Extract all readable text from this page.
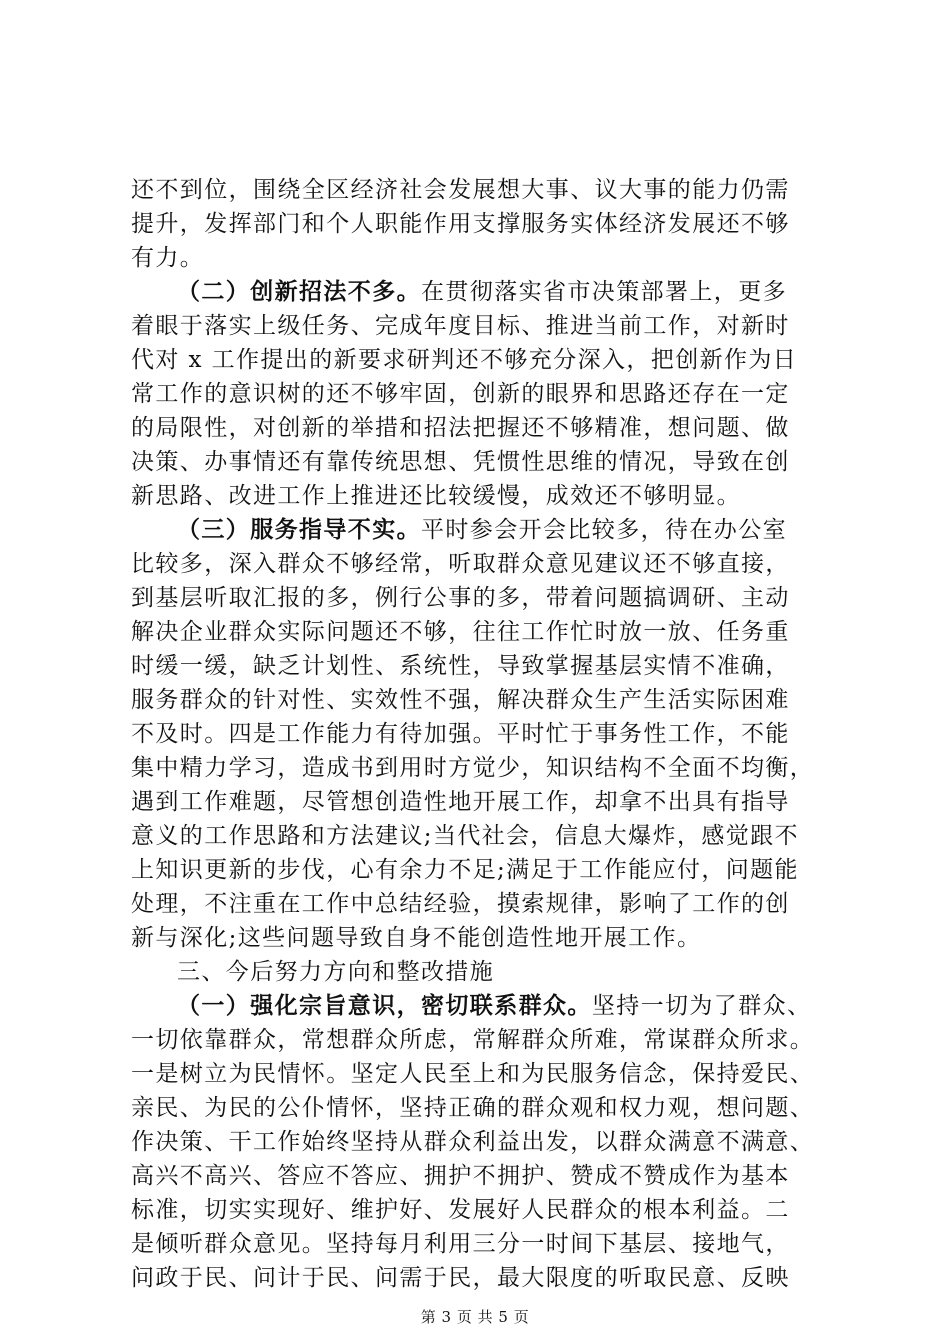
还不到位，围绕全区经济社会发展想大事、议大事的能力仍需
提升，发挥部门和个人职能作用支撑服务实体经济发展还不够
有力。
（二）创新招法不多。在贯彻落实省市决策部署上，更多
着眼于落实上级任务、完成年度目标、推进当前工作，对新时
代对 x 工作提出的新要求研判还不够充分深入，把创新作为日
常工作的意识树的还不够牢固，创新的眼界和思路还存在一定
的局限性，对创新的举措和招法把握还不够精准，想问题、做
决策、办事情还有靠传统思想、凭惯性思维的情况，导致在创
新思路、改进工作上推进还比较缓慢，成效还不够明显。
（三）服务指导不实。平时参会开会比较多，待在办公室
比较多，深入群众不够经常，听取群众意见建议还不够直接，
到基层听取汇报的多，例行公事的多，带着问题搞调研、主动
解决企业群众实际问题还不够，往往工作忙时放一放、任务重
时缓一缓，缺乏计划性、系统性，导致掌握基层实情不准确，
服务群众的针对性、实效性不强，解决群众生产生活实际困难
不及时。四是工作能力有待加强。平时忙于事务性工作，不能
集中精力学习，造成书到用时方觉少，知识结构不全面不均衡，
遇到工作难题，尽管想创造性地开展工作，却拿不出具有指导
意义的工作思路和方法建议;当代社会，信息大爆炸，感觉跟不
上知识更新的步伐，心有余力不足;满足于工作能应付，问题能
处理，不注重在工作中总结经验，摸索规律，影响了工作的创
新与深化;这些问题导致自身不能创造性地开展工作。
三、今后努力方向和整改措施
（一）强化宗旨意识，密切联系群众。坚持一切为了群众、
一切依靠群众，常想群众所虑，常解群众所难，常谋群众所求。
一是树立为民情怀。坚定人民至上和为民服务信念，保持爱民、
亲民、为民的公仆情怀，坚持正确的群众观和权力观，想问题、
作决策、干工作始终坚持从群众利益出发，以群众满意不满意、
高兴不高兴、答应不答应、拥护不拥护、赞成不赞成作为基本
标准，切实实现好、维护好、发展好人民群众的根本利益。二
是倾听群众意见。坚持每月利用三分一时间下基层、接地气，
问政于民、问计于民、问需于民，最大限度的听取民意、反映
第 3 页 共 5 页
